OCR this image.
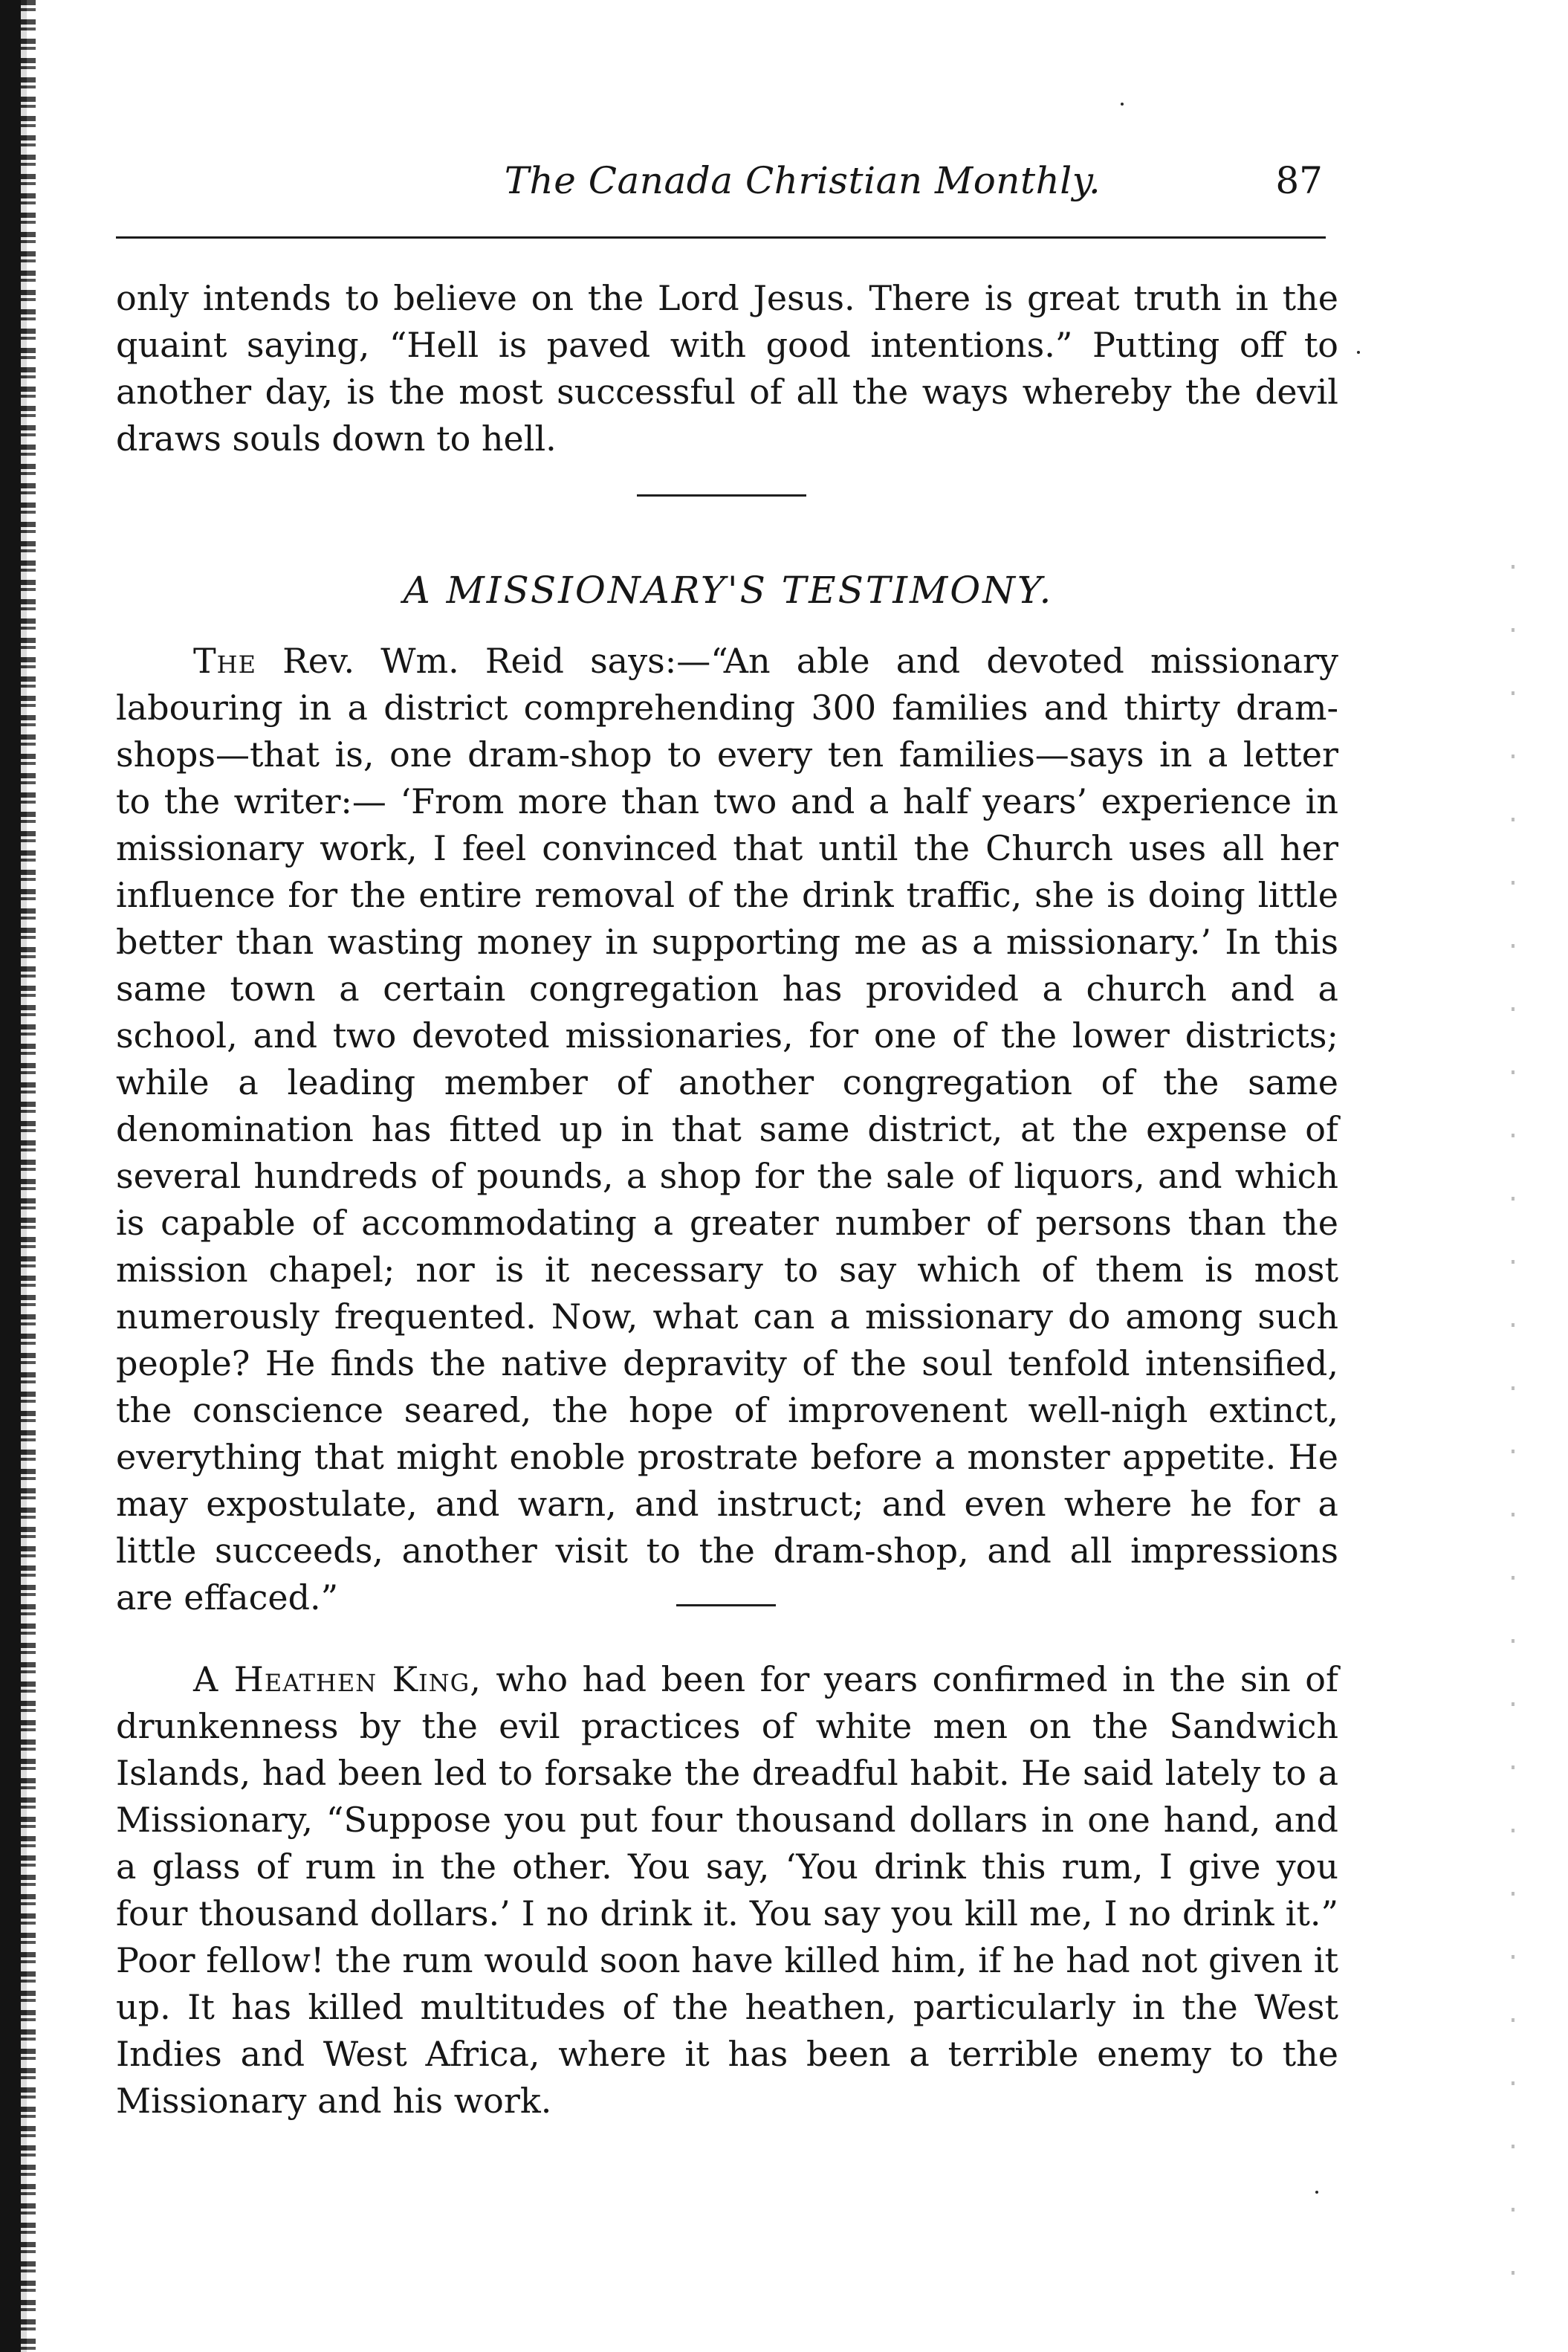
The Canada Christian Monthly.	87

only intends to believe on the Lord Jesus. There is great truth in the quaint saying, “Hell is paved with good intentions.” Putting off to another day, is the most successful of all the ways whereby the devil draws souls down to hell.

A MISSIONARY'S TESTIMONY.

The Rev. Wm. Reid says:—“An able and devoted missionary labouring in a district comprehending 300 families and thirty dram-shops—that is, one dram-shop to every ten families—says in a letter to the writer:— ‘From more than two and a half years’ experience in missionary work, I feel convinced that until the Church uses all her influence for the entire removal of the drink traffic, she is doing little better than wasting money in supporting me as a missionary.’ In this same town a certain congregation has provided a church and a school, and two devoted missionaries, for one of the lower districts; while a leading member of another congregation of the same denomination has fitted up in that same district, at the expense of several hundreds of pounds, a shop for the sale of liquors, and which is capable of accommodating a greater number of persons than the mission chapel; nor is it necessary to say which of them is most numerously frequented. Now, what can a missionary do among such people? He finds the native depravity of the soul tenfold intensified, the conscience seared, the hope of improvenent well-nigh extinct, everything that might enoble prostrate before a monster appetite. He may expostulate, and warn, and instruct; and even where he for a little succeeds, another visit to the dram-shop, and all impressions are effaced.”

A Heathen King, who had been for years confirmed in the sin of drunkenness by the evil practices of white men on the Sandwich Islands, had been led to forsake the dreadful habit. He said lately to a Missionary, “Suppose you put four thousand dollars in one hand, and a glass of rum in the other. You say, ‘You drink this rum, I give you four thousand dollars.’ I no drink it. You say you kill me, I no drink it.” Poor fellow! the rum would soon have killed him, if he had not given it up. It has killed multitudes of the heathen, particularly in the West Indies and West Africa, where it has been a terrible enemy to the Missionary and his work.
